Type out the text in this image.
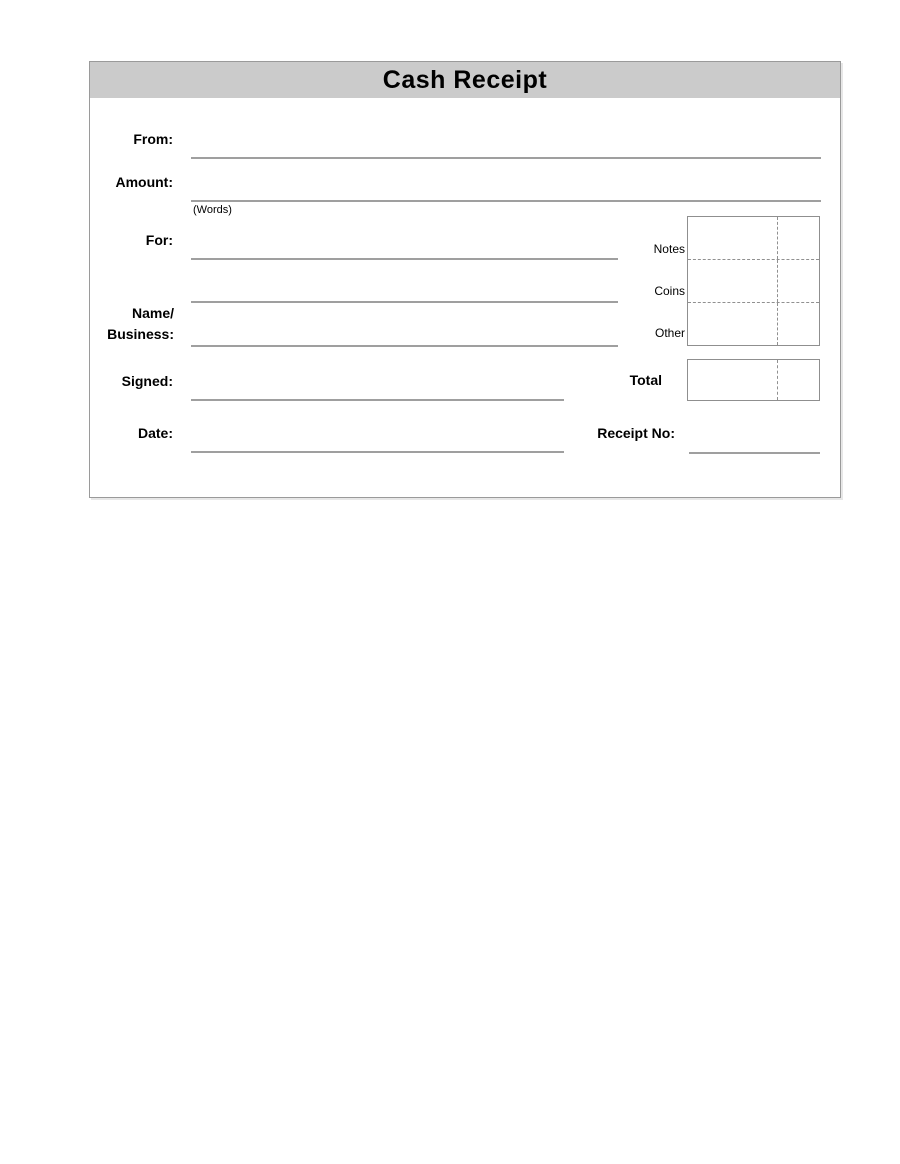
Cash Receipt
From:
Amount:
(Words)
For:
Name/
Business:
Signed:
Date:	Receipt No:
Notes
Coins
Other
Total
